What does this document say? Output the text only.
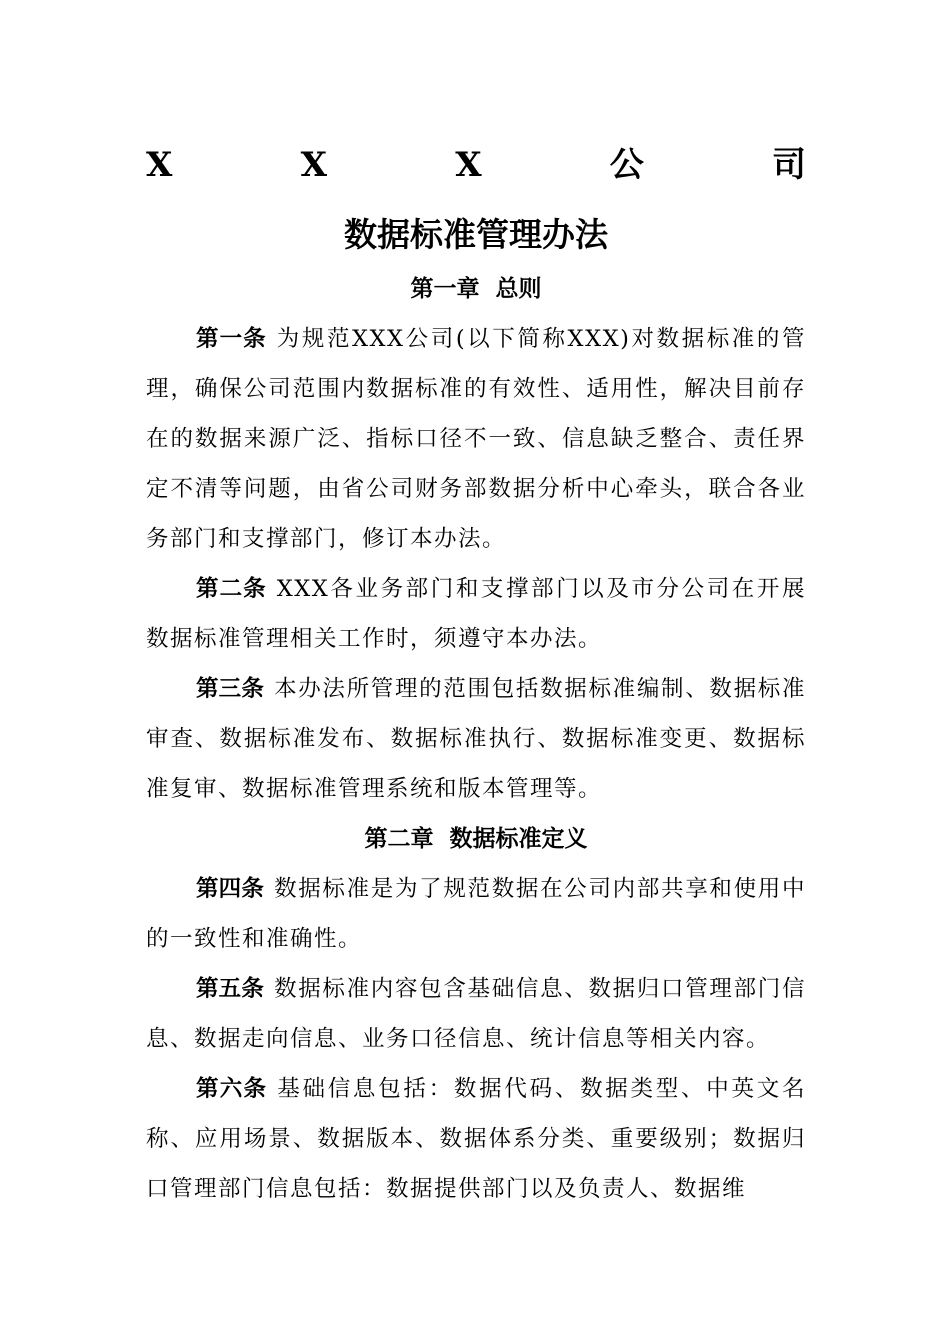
X	X	X	公	司
数据标准管理办法
第一章  总则

第一条 为规范XXX公司(以下简称XXX)对数据标准的管理，确保公司范围内数据标准的有效性、适用性，解决目前存在的数据来源广泛、指标口径不一致、信息缺乏整合、责任界定不清等问题，由省公司财务部数据分析中心牵头，联合各业务部门和支撑部门，修订本办法。

第二条 XXX各业务部门和支撑部门以及市分公司在开展数据标准管理相关工作时，须遵守本办法。

第三条 本办法所管理的范围包括数据标准编制、数据标准审查、数据标准发布、数据标准执行、数据标准变更、数据标准复审、数据标准管理系统和版本管理等。

第二章  数据标准定义

第四条 数据标准是为了规范数据在公司内部共享和使用中的一致性和准确性。

第五条 数据标准内容包含基础信息、数据归口管理部门信息、数据走向信息、业务口径信息、统计信息等相关内容。

第六条 基础信息包括：数据代码、数据类型、中英文名称、应用场景、数据版本、数据体系分类、重要级别；数据归口管理部门信息包括：数据提供部门以及负责人、数据维
